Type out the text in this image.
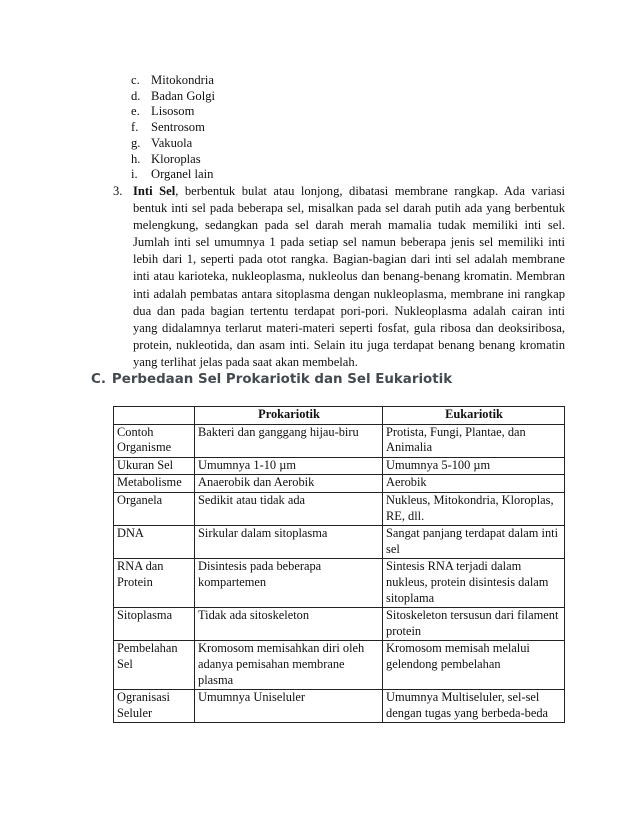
c. Mitokondria
d. Badan Golgi
e. Lisosom
f.	Sentrosom
g. Vakuola
h. Kloroplas
i.	Organel lain
3. Inti Sel, berbentuk bulat atau lonjong, dibatasi membrane rangkap. Ada variasi bentuk inti sel pada beberapa sel, misalkan pada sel darah putih ada yang berbentuk melengkung, sedangkan pada sel darah merah mamalia tudak memiliki inti sel. Jumlah inti sel umumnya 1 pada setiap sel namun beberapa jenis sel memiliki inti lebih dari 1, seperti pada otot rangka. Bagian-bagian dari inti sel adalah membrane inti atau karioteka, nukleoplasma, nukleolus dan benang-benang kromatin. Membran inti adalah pembatas antara sitoplasma dengan nukleoplasma, membrane ini rangkap dua dan pada bagian tertentu terdapat pori-pori. Nukleoplasma adalah cairan inti yang didalamnya terlarut materi-materi seperti fosfat, gula ribosa dan deoksiribosa, protein, nukleotida, dan asam inti. Selain itu juga terdapat benang benang kromatin yang terlihat jelas pada saat akan membelah.
C. Perbedaan Sel Prokariotik dan Sel Eukariotik
	Prokariotik	Eukariotik
Contoh Organisme	Bakteri dan ganggang hijau-biru	Protista, Fungi, Plantae, dan Animalia
Ukuran Sel	Umumnya 1-10 µm	Umumnya 5-100 µm
Metabolisme	Anaerobik dan Aerobik	Aerobik
Organela	Sedikit atau tidak ada	Nukleus, Mitokondria, Kloroplas, RE, dll.
DNA	Sirkular dalam sitoplasma	Sangat panjang terdapat dalam inti sel
RNA dan Protein	Disintesis pada beberapa kompartemen	Sintesis RNA terjadi dalam nukleus, protein disintesis dalam sitoplama
Sitoplasma	Tidak ada sitoskeleton	Sitoskeleton tersusun dari filament protein
Pembelahan Sel	Kromosom memisahkan diri oleh adanya pemisahan membrane plasma	Kromosom memisah melalui gelendong pembelahan
Ogranisasi Seluler	Umumnya Uniseluler	Umumnya Multiseluler, sel-sel dengan tugas yang berbeda-beda
